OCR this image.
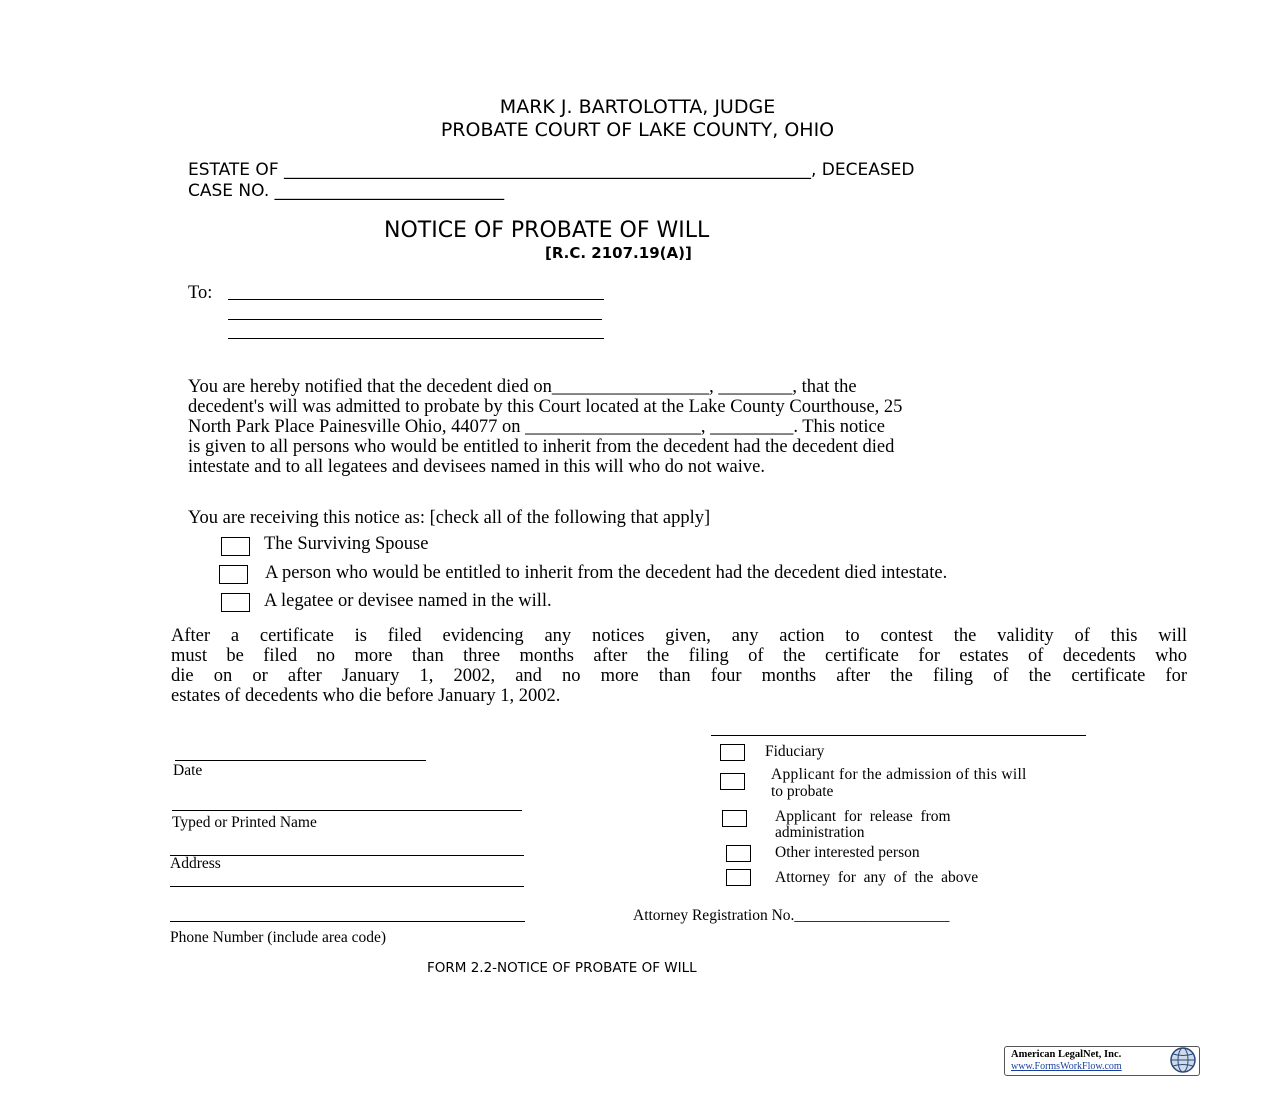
MARK J. BARTOLOTTA, JUDGE
PROBATE COURT OF LAKE COUNTY, OHIO
ESTATE OF ______________________________________________________________, DECEASED
CASE NO. ___________________________
NOTICE OF PROBATE OF WILL
[R.C. 2107.19(A)]
To:
You are hereby notified that the decedent died on_________________, ________, that the
decedent's will was admitted to probate by this Court located at the Lake County Courthouse, 25
North Park Place Painesville Ohio, 44077 on ___________________, _________. This notice
is given to all persons who would be entitled to inherit from the decedent had the decedent died
intestate and to all legatees and devisees named in this will who do not waive.
You are receiving this notice as: [check all of the following that apply]
The Surviving Spouse
A person who would be entitled to inherit from the decedent had the decedent died intestate.
A legatee or devisee named in the will.
After a certificate is filed evidencing any notices given, any action to contest the validity of this will
must be filed no more than three months after the filing of the certificate for estates of decedents who
die on or after January 1, 2002, and no more than four months after the filing of the certificate for
estates of decedents who die before January 1, 2002.
Date
Typed or Printed Name
Address
Phone Number (include area code)
Fiduciary
Applicant for the admission of this will
to probate
Applicant  for  release  from
administration
Other interested person
Attorney  for  any  of  the  above
Attorney Registration No.____________________
FORM 2.2-NOTICE OF PROBATE OF WILL
American LegalNet, Inc.
www.FormsWorkFlow.com
